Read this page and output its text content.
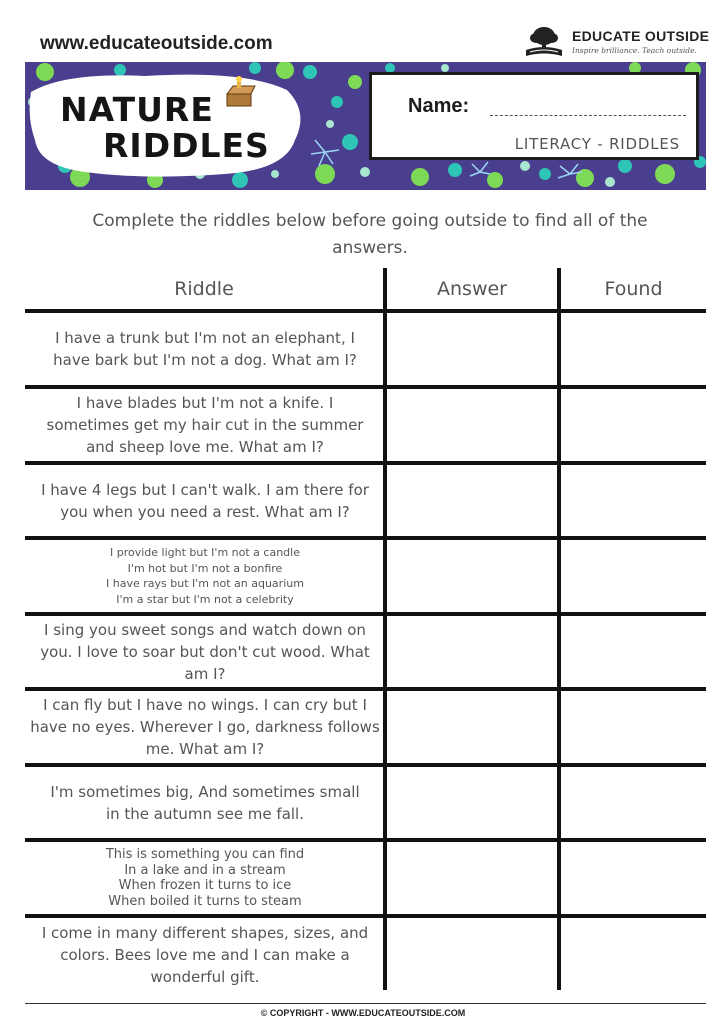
www.educateoutside.com	EDUCATE OUTSIDE
Inspire brilliance. Teach outside.
NATURE
RIDDLES
Name:
LITERACY - RIDDLES
Complete the riddles below before going outside to find all of the answers.
Riddle	Answer	Found
I have a trunk but I'm not an elephant, I
have bark but I'm not a dog. What am I?
I have blades but I'm not a knife. I
sometimes get my hair cut in the summer
and sheep love me. What am I?
I have 4 legs but I can't walk. I am there for
you when you need a rest. What am I?
I provide light but I'm not a candle
I'm hot but I'm not a bonfire
I have rays but I'm not an aquarium
I'm a star but I'm not a celebrity
I sing you sweet songs and watch down on
you. I love to soar but don't cut wood. What
am I?
I can fly but I have no wings. I can cry but I
have no eyes. Wherever I go, darkness follows
me. What am I?
I'm sometimes big, And sometimes small
in the autumn see me fall.
This is something you can find
In a lake and in a stream
When frozen it turns to ice
When boiled it turns to steam
I come in many different shapes, sizes, and
colors. Bees love me and I can make a
wonderful gift.
© COPYRIGHT - WWW.EDUCATEOUTSIDE.COM
